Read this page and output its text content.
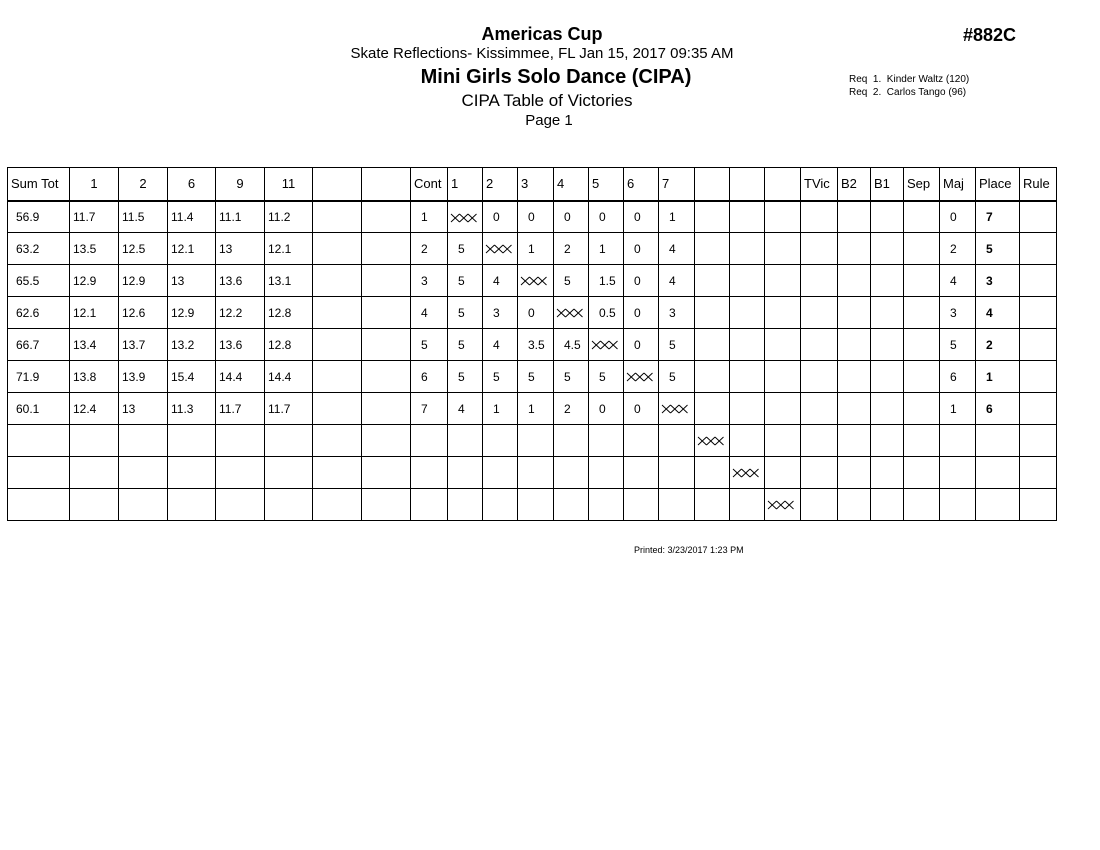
Americas Cup
Skate Reflections- Kissimmee, FL Jan 15, 2017 09:35 AM
Mini Girls Solo Dance (CIPA)
CIPA Table of Victories
Page 1
#882C
Req  1.  Kinder Waltz (120)
Req  2.  Carlos Tango (96)
Sum Tot	1	2	6	9	11			Cont	1	2	3	4	5	6	7				TVic	B2	B1	Sep	Maj	Place	Rule
56.9	11.7	11.5	11.4	11.1	11.2			1		0	0	0	0	0	1								0	7	
63.2	13.5	12.5	12.1	13	12.1			2	5		1	2	1	0	4								2	5	
65.5	12.9	12.9	13	13.6	13.1			3	5	4		5	1.5	0	4								4	3	
62.6	12.1	12.6	12.9	12.2	12.8			4	5	3	0		0.5	0	3								3	4	
66.7	13.4	13.7	13.2	13.6	12.8			5	5	4	3.5	4.5		0	5								5	2	
71.9	13.8	13.9	15.4	14.4	14.4			6	5	5	5	5	5		5								6	1	
60.1	12.4	13	11.3	11.7	11.7			7	4	1	1	2	0	0									1	6	

Printed: 3/23/2017 1:23 PM
